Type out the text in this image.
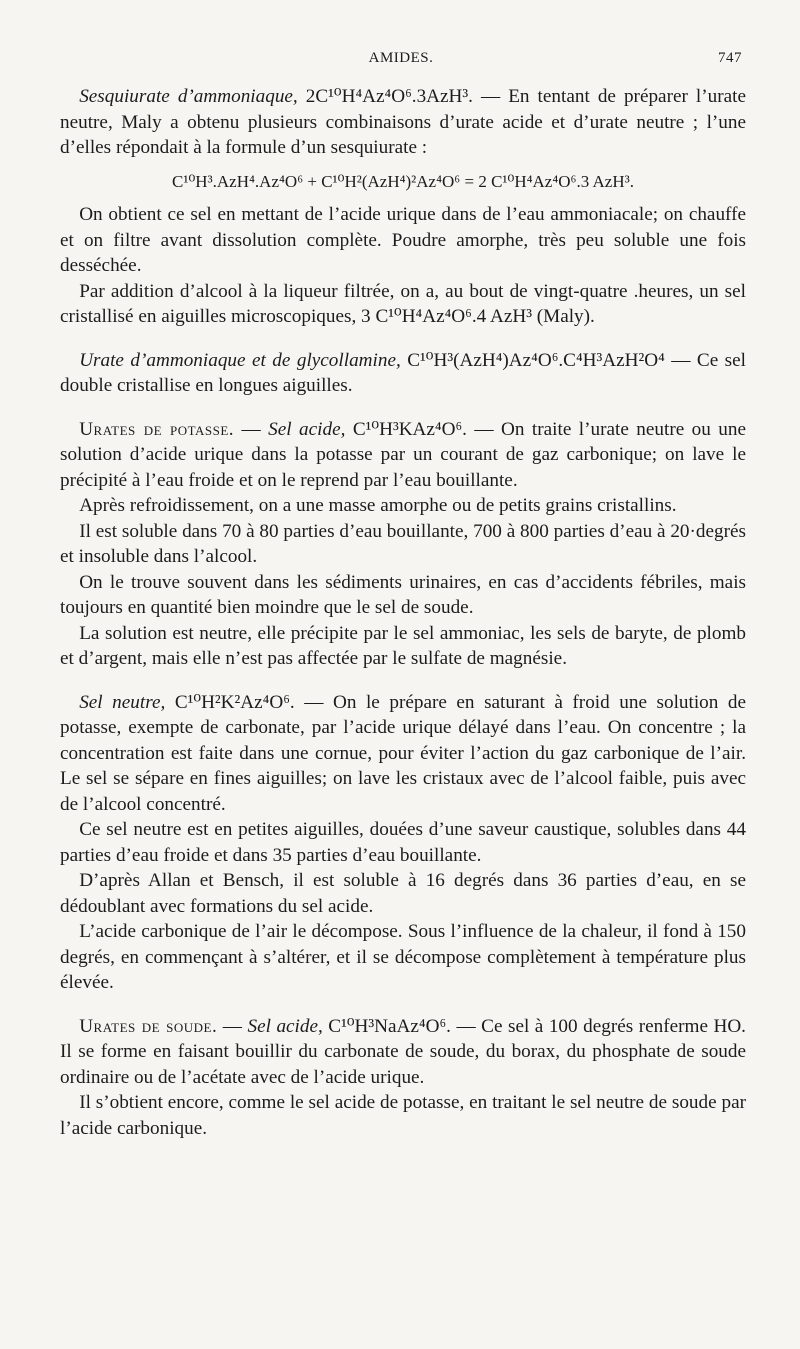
AMIDES.	747

 Sesquiurate d’ammoniaque, 2C¹⁰H⁴Az⁴O⁶.3AzH³. — En tentant de préparer l’urate neutre, Maly a obtenu plusieurs combinaisons d’urate acide et d’urate neutre ; l’une d’elles répondait à la formule d’un sesquiurate :

C¹⁰H³.AzH⁴.Az⁴O⁶ + C¹⁰H²(AzH⁴)²Az⁴O⁶ = 2 C¹⁰H⁴Az⁴O⁶.3 AzH³.

 On obtient ce sel en mettant de l’acide urique dans de l’eau ammoniacale; on chauffe et on filtre avant dissolution complète. Poudre amorphe, très peu soluble une fois desséchée.

 Par addition d’alcool à la liqueur filtrée, on a, au bout de vingt-quatre .heures, un sel cristallisé en aiguilles microscopiques, 3 C¹⁰H⁴Az⁴O⁶.4 AzH³ (Maly).

 Urate d’ammoniaque et de glycollamine, C¹⁰H³(AzH⁴)Az⁴O⁶.C⁴H³AzH²O⁴ — Ce sel double cristallise en longues aiguilles.

 Urates de potasse. — Sel acide, C¹⁰H³KAz⁴O⁶. — On traite l’urate neutre ou une solution d’acide urique dans la potasse par un courant de gaz carbonique; on lave le précipité à l’eau froide et on le reprend par l’eau bouillante.

 Après refroidissement, on a une masse amorphe ou de petits grains cristallins.

 Il est soluble dans 70 à 80 parties d’eau bouillante, 700 à 800 parties d’eau à 20·degrés et insoluble dans l’alcool.

 On le trouve souvent dans les sédiments urinaires, en cas d’accidents fébriles, mais toujours en quantité bien moindre que le sel de soude.

 La solution est neutre, elle précipite par le sel ammoniac, les sels de baryte, de plomb et d’argent, mais elle n’est pas affectée par le sulfate de magnésie.

 Sel neutre, C¹⁰H²K²Az⁴O⁶. — On le prépare en saturant à froid une solution de potasse, exempte de carbonate, par l’acide urique délayé dans l’eau. On concentre ; la concentration est faite dans une cornue, pour éviter l’action du gaz carbonique de l’air. Le sel se sépare en fines aiguilles; on lave les cristaux avec de l’alcool faible, puis avec de l’alcool concentré.

 Ce sel neutre est en petites aiguilles, douées d’une saveur caustique, solubles dans 44 parties d’eau froide et dans 35 parties d’eau bouillante.

 D’après Allan et Bensch, il est soluble à 16 degrés dans 36 parties d’eau, en se dédoublant avec formations du sel acide.

 L’acide carbonique de l’air le décompose. Sous l’influence de la chaleur, il fond à 150 degrés, en commençant à s’altérer, et il se décompose complètement à température plus élevée.

 Urates de soude. — Sel acide, C¹⁰H³NaAz⁴O⁶. — Ce sel à 100 degrés renferme HO. Il se forme en faisant bouillir du carbonate de soude, du borax, du phosphate de soude ordinaire ou de l’acétate avec de l’acide urique.

 Il s’obtient encore, comme le sel acide de potasse, en traitant le sel neutre de soude par l’acide carbonique.
